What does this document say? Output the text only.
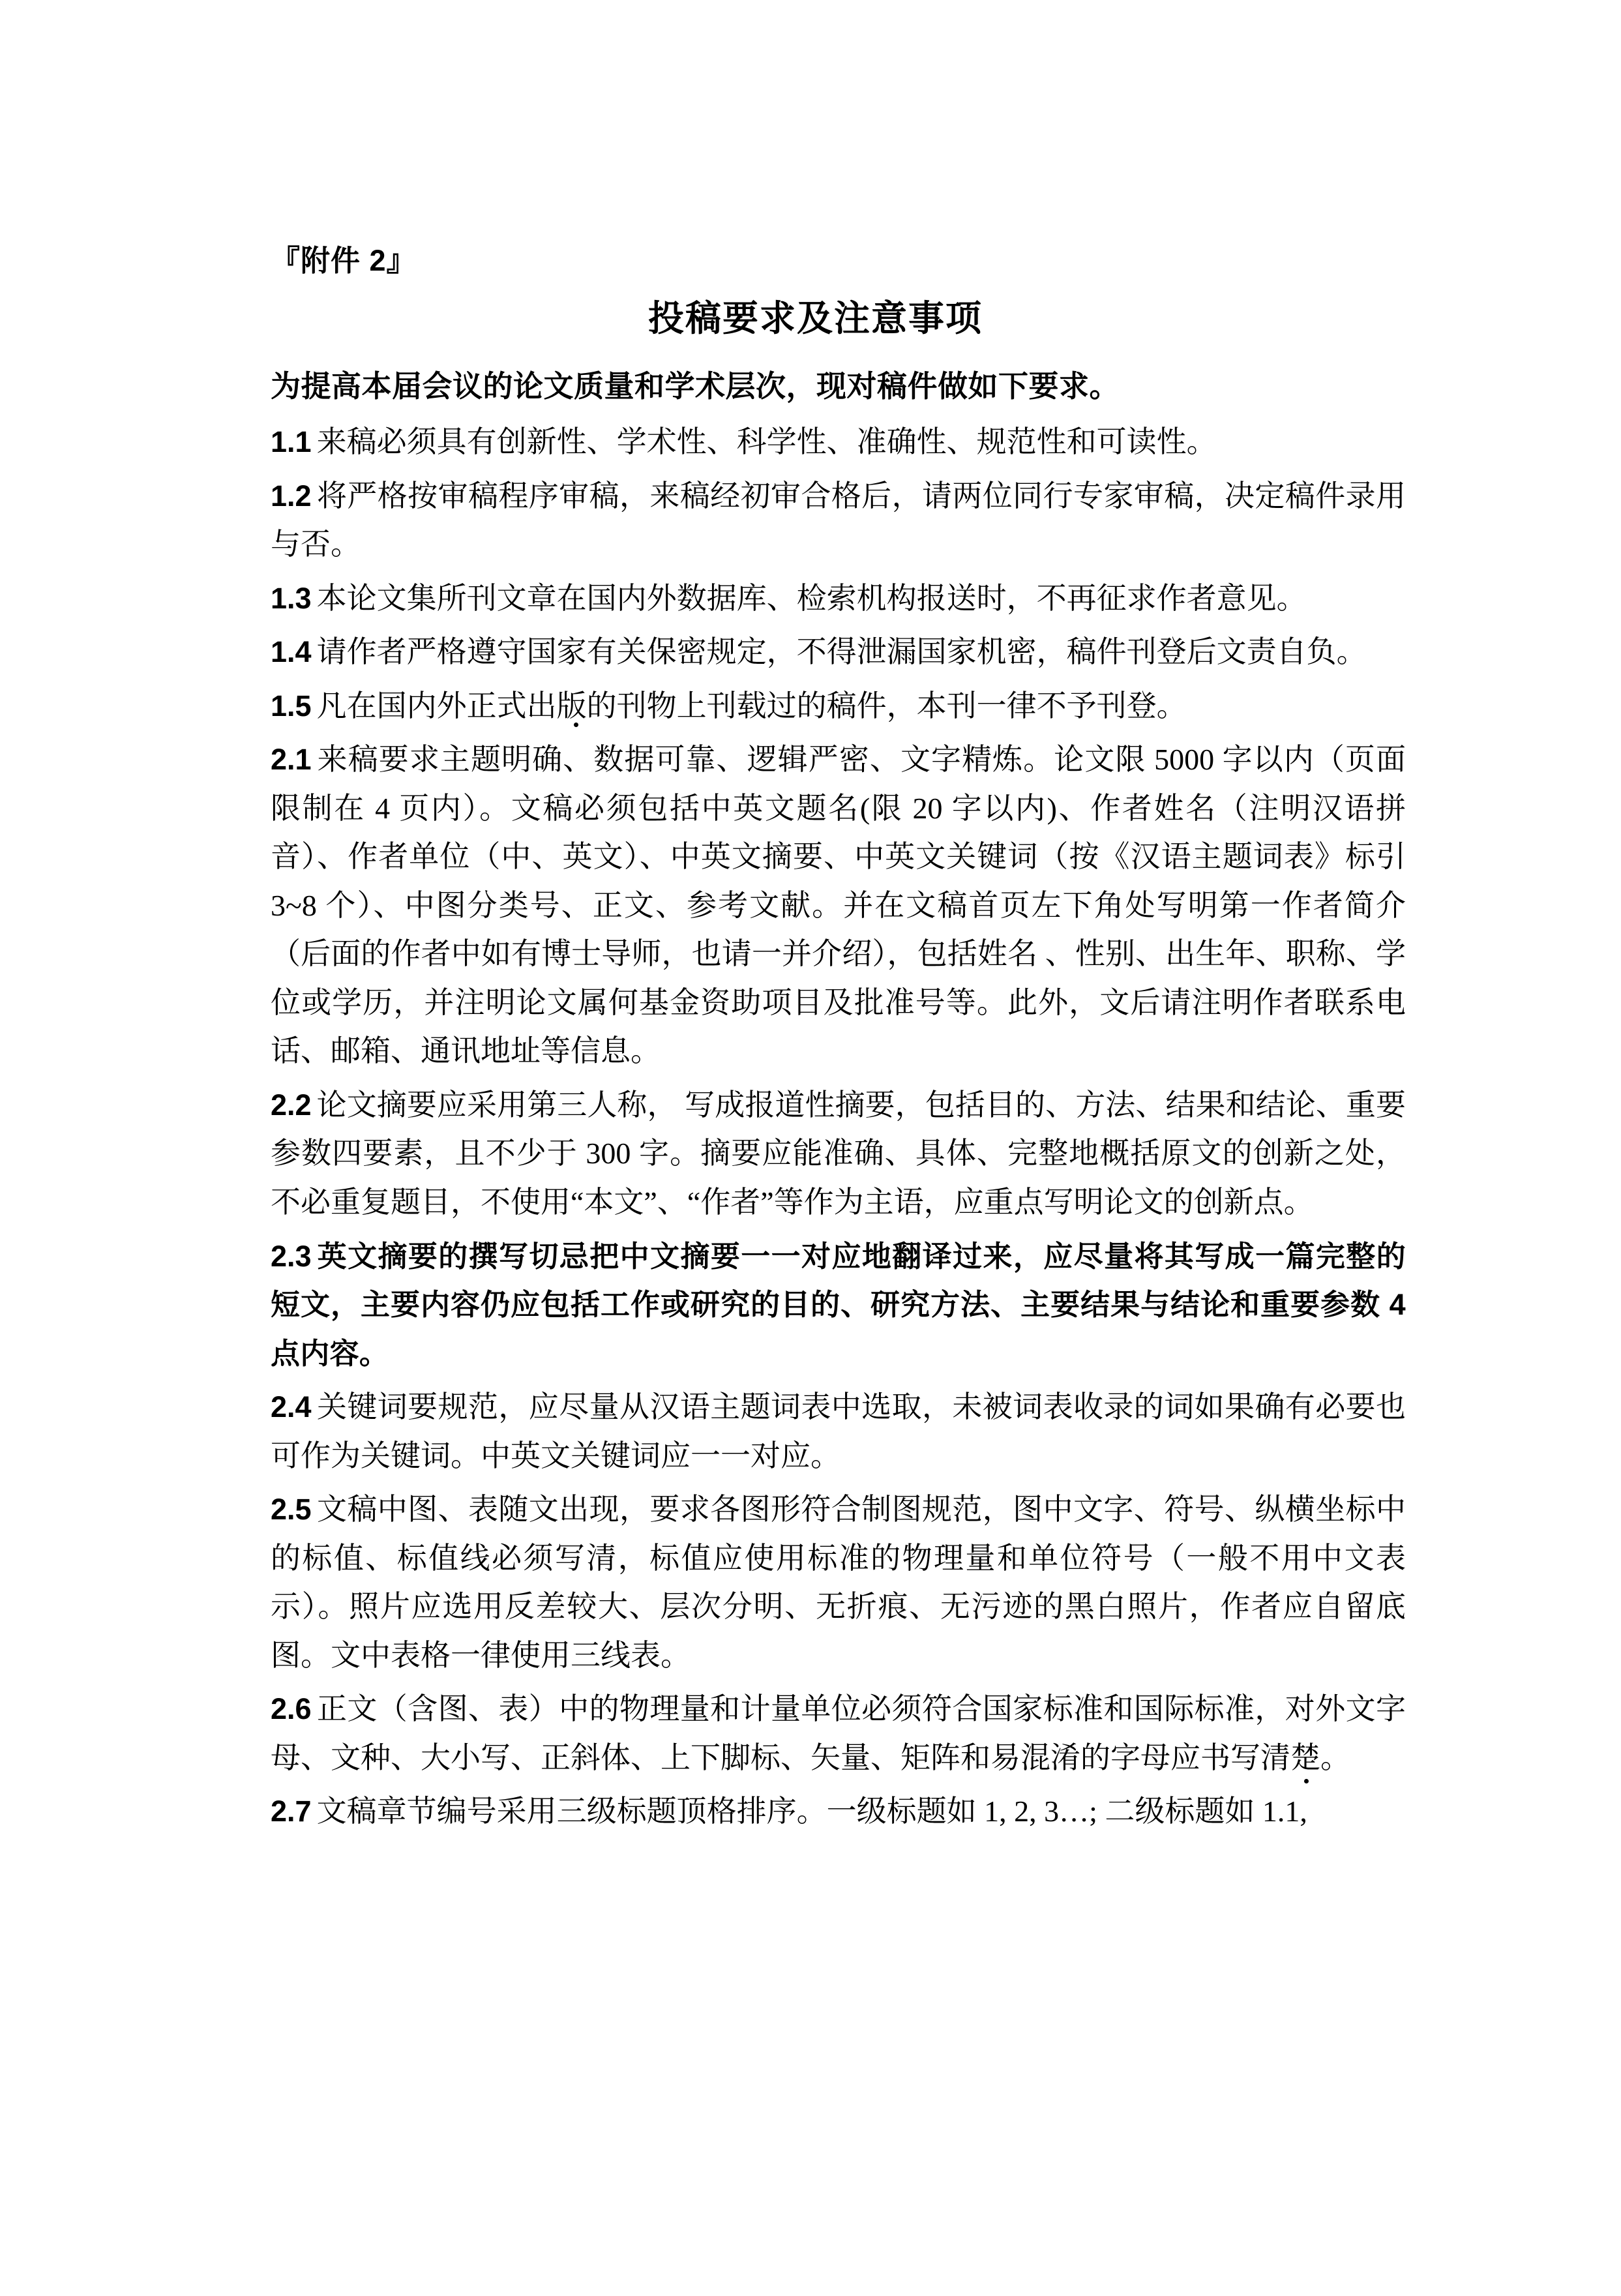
『附件 2』
投稿要求及注意事项

为提高本届会议的论文质量和学术层次，现对稿件做如下要求。

1.1 来稿必须具有创新性、学术性、科学性、准确性、规范性和可读性。

1.2 将严格按审稿程序审稿，来稿经初审合格后，请两位同行专家审稿，决定稿件录用与否。

1.3 本论文集所刊文章在国内外数据库、检索机构报送时，不再征求作者意见。

1.4 请作者严格遵守国家有关保密规定，不得泄漏国家机密，稿件刊登后文责自负。

1.5 凡在国内外正式出版的刊物上刊载过的稿件，本刊一律不予刊登。

2.1 来稿要求主题明确、数据可靠、逻辑严密、文字精炼。论文限 5000 字以内（页面限制在 4 页内）。文稿必须包括中英文题名(限 20 字以内)、作者姓名（注明汉语拼音）、作者单位（中、英文）、中英文摘要、中英文关键词（按《汉语主题词表》标引 3~8 个）、中图分类号、正文、参考文献。并在文稿首页左下角处写明第一作者简介（后面的作者中如有博士导师，也请一并介绍），包括姓名 、性别、出生年、职称、学位或学历，并注明论文属何基金资助项目及批准号等。此外，文后请注明作者联系电话、邮箱、通讯地址等信息。

2.2 论文摘要应采用第三人称， 写成报道性摘要，包括目的、方法、结果和结论、重要参数四要素，且不少于 300 字。摘要应能准确、具体、完整地概括原文的创新之处， 不必重复题目，不使用“本文”、“作者”等作为主语，应重点写明论文的创新点。

2.3 英文摘要的撰写切忌把中文摘要一一对应地翻译过来，应尽量将其写成一篇完整的短文，主要内容仍应包括工作或研究的目的、研究方法、主要结果与结论和重要参数 4 点内容。

2.4 关键词要规范，应尽量从汉语主题词表中选取，未被词表收录的词如果确有必要也可作为关键词。中英文关键词应一一对应。

2.5 文稿中图、表随文出现，要求各图形符合制图规范，图中文字、符号、纵横坐标中的标值、标值线必须写清，标值应使用标准的物理量和单位符号（一般不用中文表示）。照片应选用反差较大、层次分明、无折痕、无污迹的黑白照片，作者应自留底图。文中表格一律使用三线表。

2.6 正文（含图、表）中的物理量和计量单位必须符合国家标准和国际标准，对外文字母、文种、大小写、正斜体、上下脚标、矢量、矩阵和易混淆的字母应书写清楚。

2.7 文稿章节编号采用三级标题顶格排序。一级标题如 1, 2, 3…; 二级标题如 1.1,
